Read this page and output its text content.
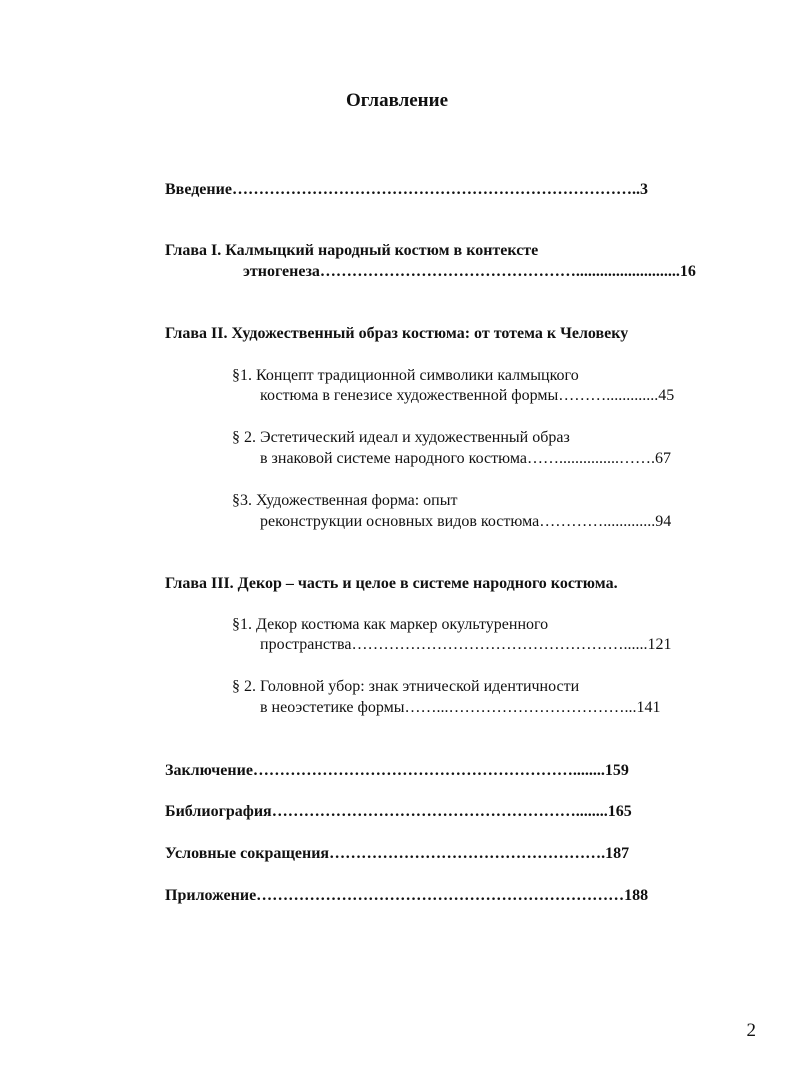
Оглавление
Введение…………………………………………………………………..3
Глава I. Калмыцкий народный костюм в контексте
этногенеза…………………………………………..........................16
Глава II. Художественный образ костюма: от тотема к Человеку
§1. Концепт традиционной символики калмыцкого
костюма в генезисе художественной формы……….............45
§ 2. Эстетический идеал и художественный образ
в знаковой системе народного костюма……...............…….67
§3. Художественная форма: опыт
реконструкции основных видов костюма………….............94
Глава III. Декор – часть и целое в системе народного костюма.
§1. Декор костюма как маркер окультуренного
пространства……………………………………………......121
§ 2. Головной убор: знак этнической идентичности
в неоэстетике формы……...……………………………...141
Заключение……………………………………………………........159
Библиография…………………………………………………........165
Условные сокращения…………………………………………….187
Приложение……………………………………………………………188
2
